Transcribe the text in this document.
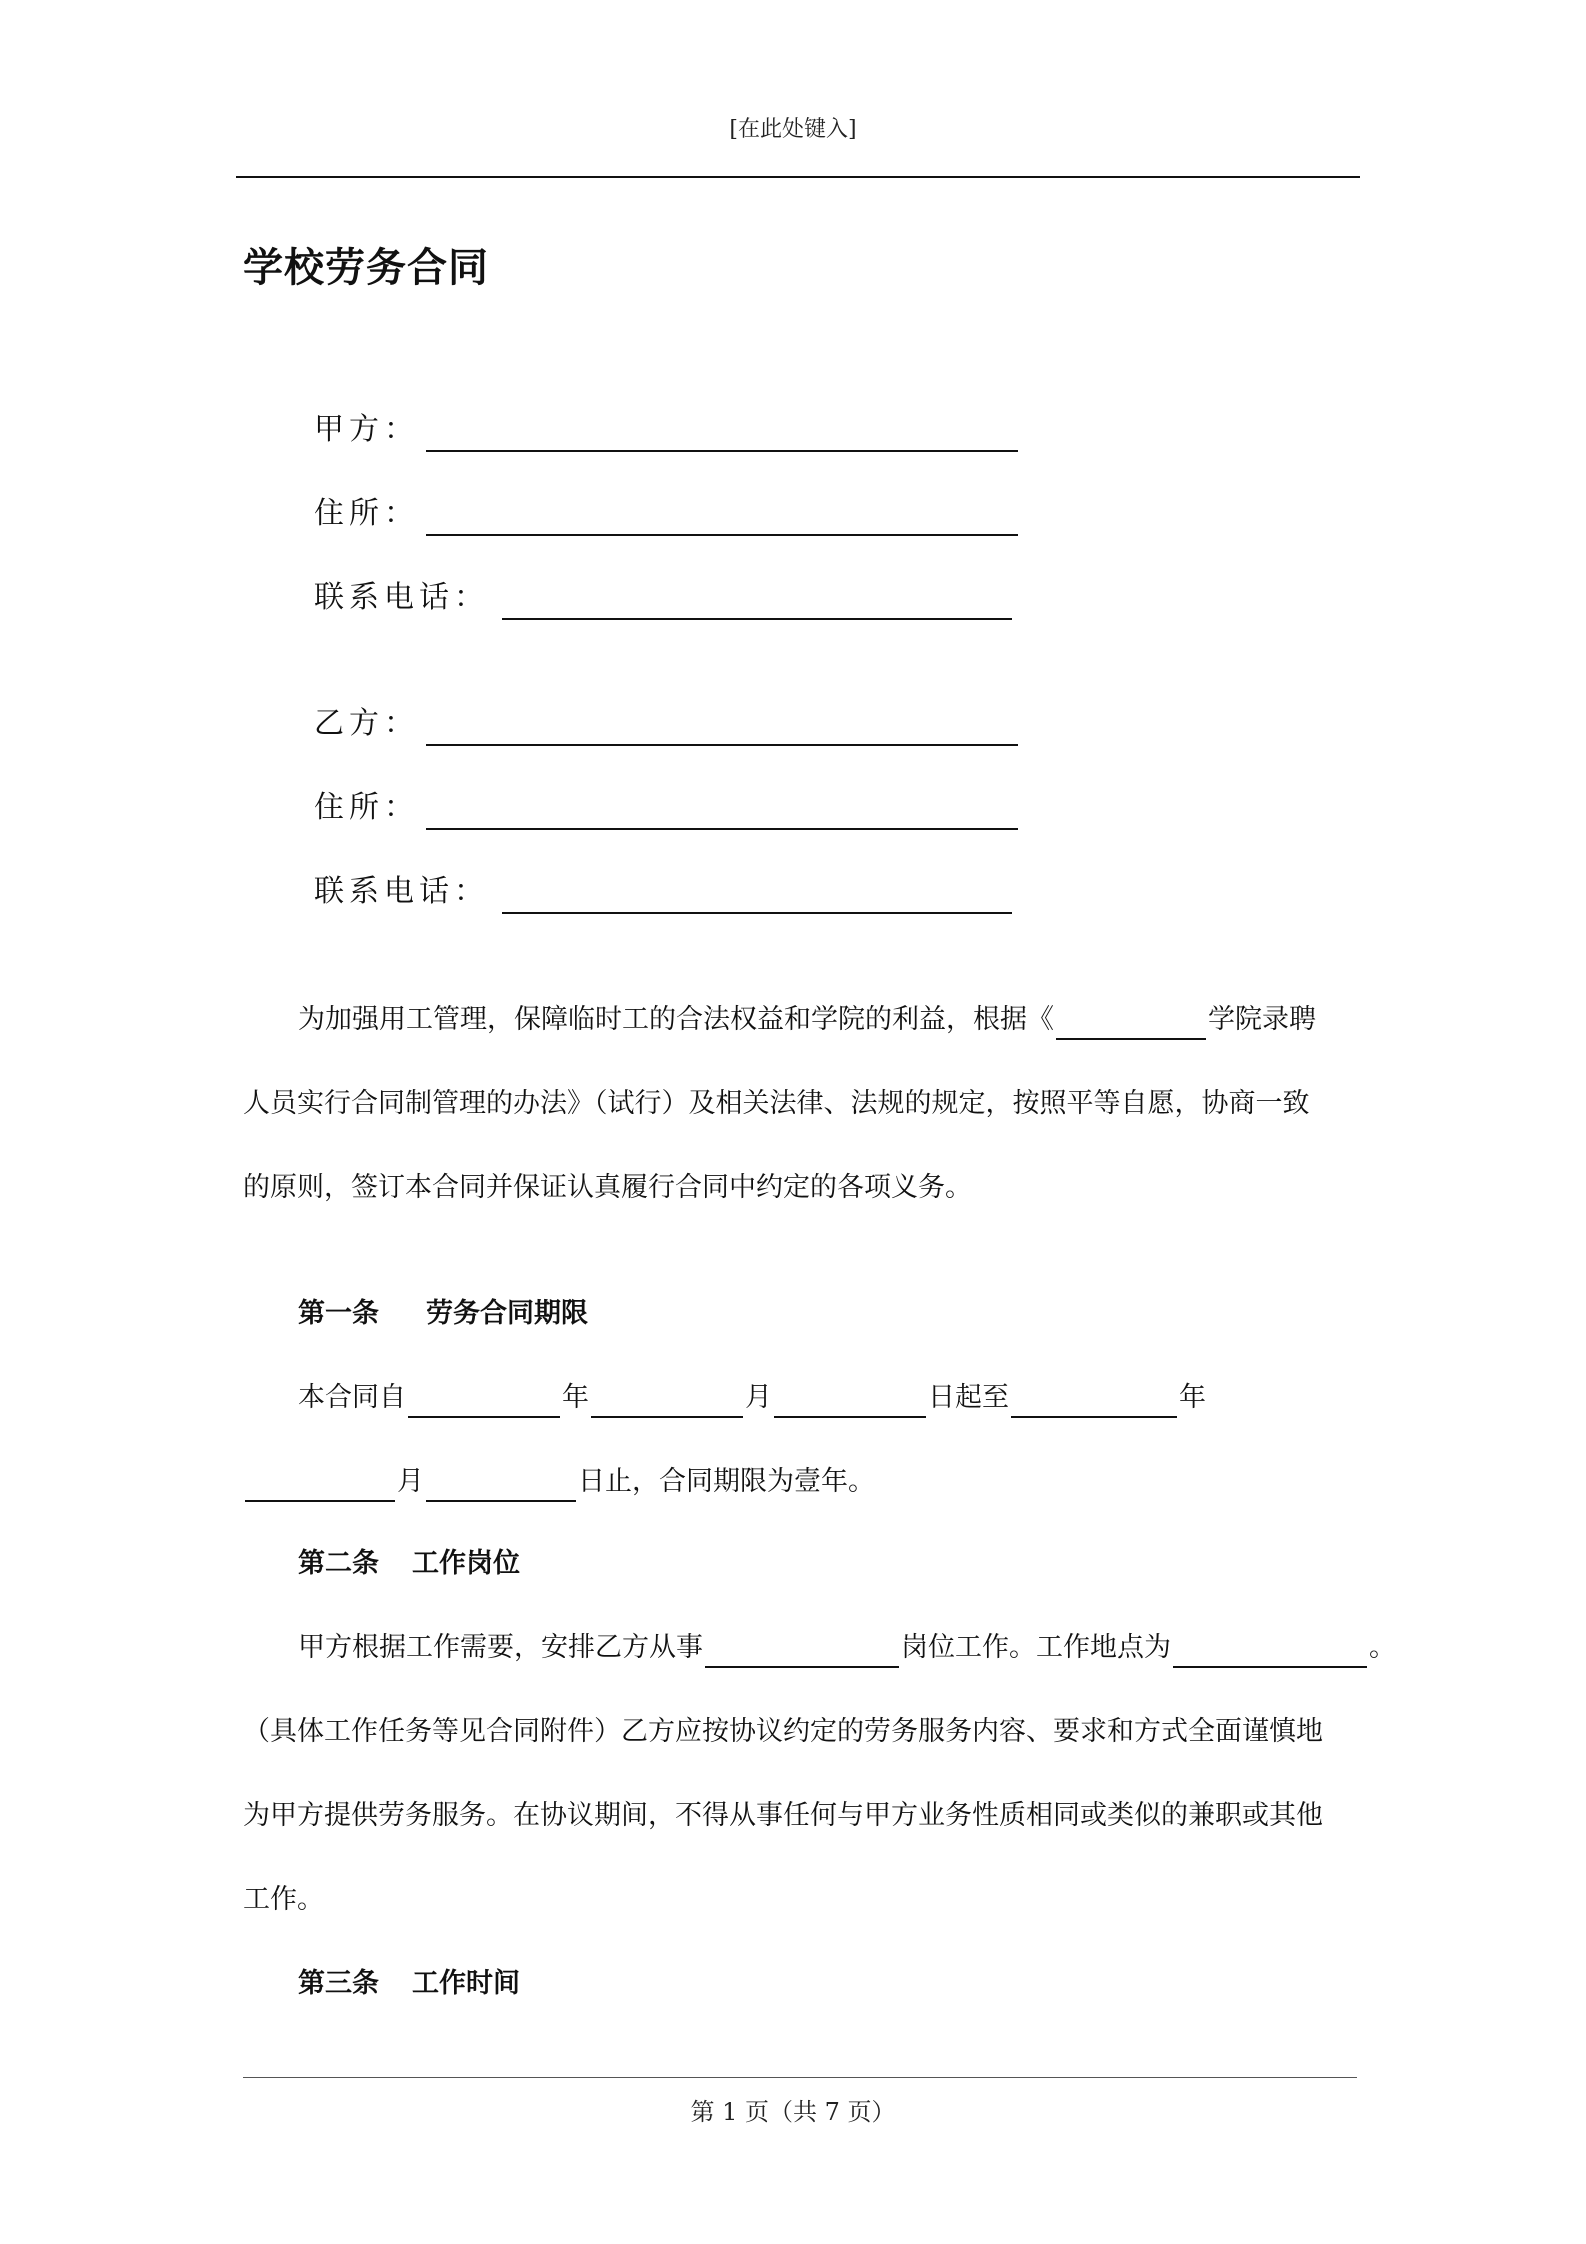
[在此处键入]
学校劳务合同
甲方：
住所：
联系电话：
乙方：
住所：
联系电话：
为加强用工管理，保障临时工的合法权益和学院的利益，根据《	学院录聘
人员实行合同制管理的办法》（试行）及相关法律、法规的规定，按照平等自愿，协商一致
的原则，签订本合同并保证认真履行合同中约定的各项义务。
第一条 劳务合同期限
本合同自	年	月	日起至	年
月	日止，合同期限为壹年。
第二条 工作岗位
甲方根据工作需要，安排乙方从事	岗位工作。工作地点为	。
（具体工作任务等见合同附件）乙方应按协议约定的劳务服务内容、要求和方式全面谨慎地
为甲方提供劳务服务。在协议期间，不得从事任何与甲方业务性质相同或类似的兼职或其他
工作。
第三条 工作时间
第 1 页（共 7 页）
